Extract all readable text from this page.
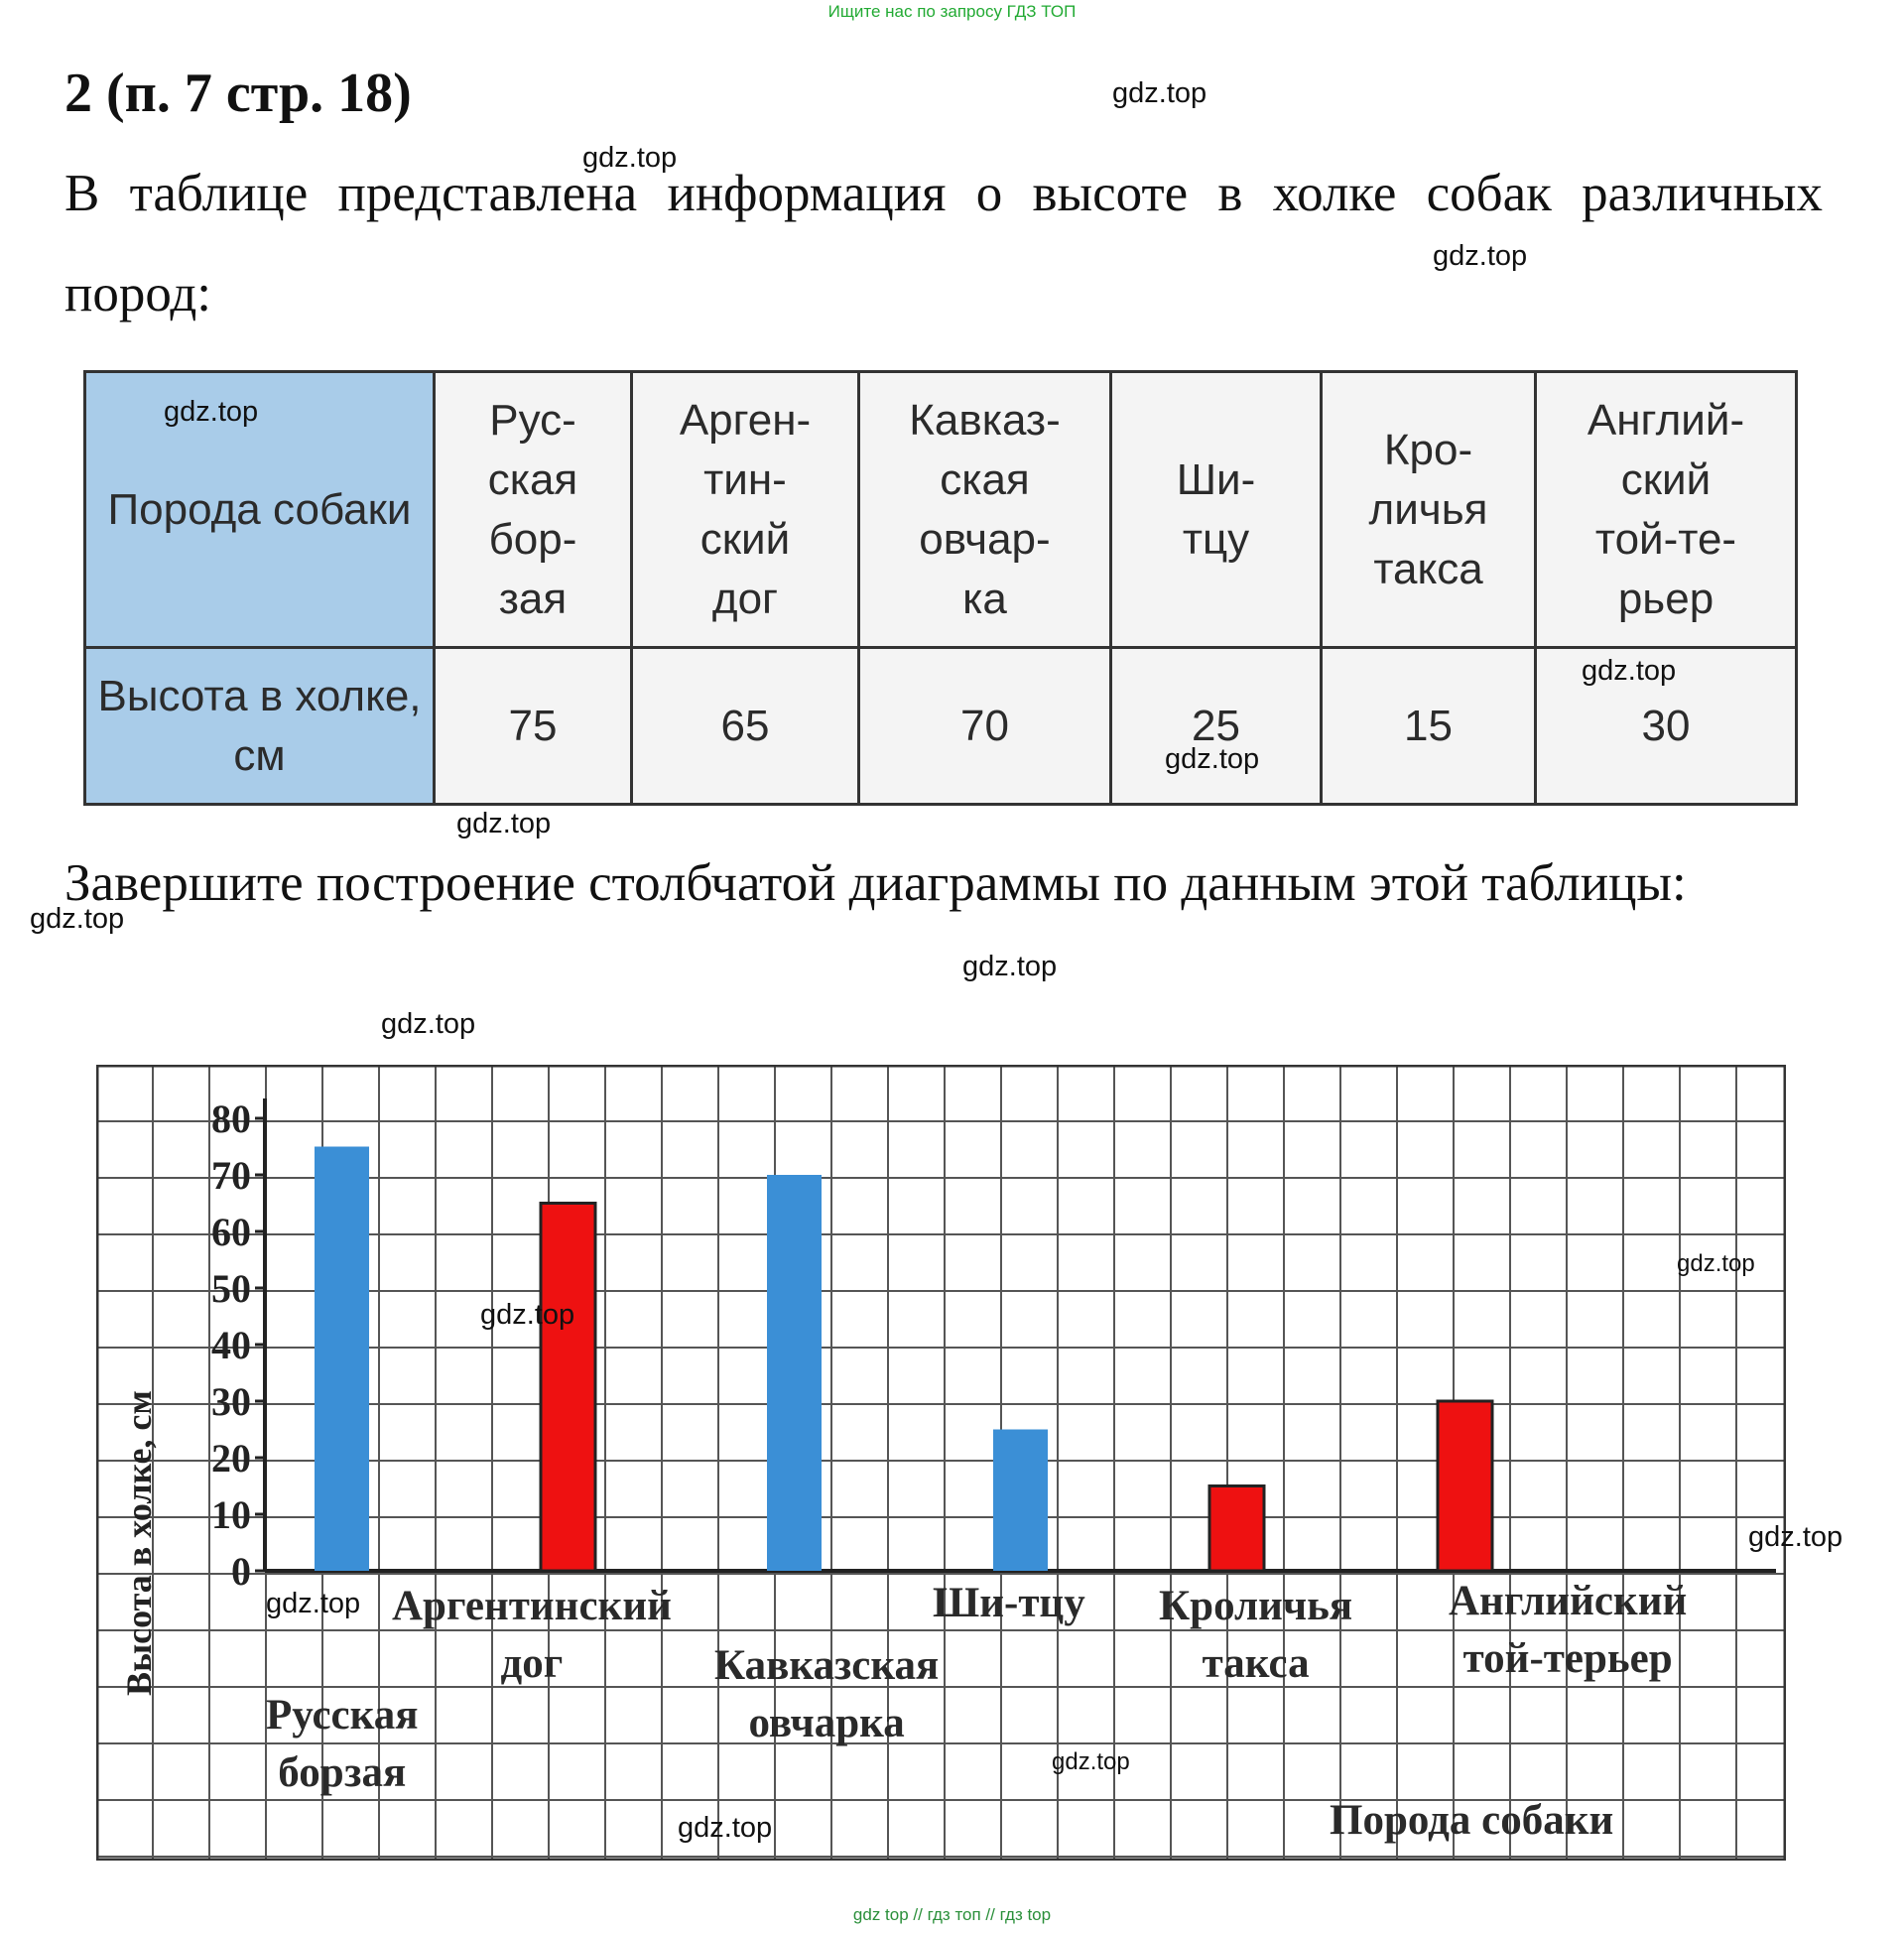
Ищите нас по запросу ГДЗ ТОП
2 (п. 7 стр. 18)
В таблице представлена информация о высоте в холке собак различных пород:
Порода собаки	Рус-
ская
бор-
зая	Арген-
тин-
ский
дог	Кавказ-
ская
овчар-
ка	Ши-
тцу	Кро-
личья
такса	Англий-
ский
той-те-
рьер
Высота в холке, см	75	65	70	25	15	30
Завершите построение столбчатой диаграммы по данным этой таблицы:
0
10
20
30
40
50
60
70
80
Высота в холке, см
Русская
борзая
Аргентинский
дог	Кавказская
овчарка
Ши-тцу Кроличья
такса
Английский
той-терьер
Порода собаки
gdz.top
gdz.top
gdz.top
gdz.top
gdz.top
gdz.top
gdz.top
gdz.top
gdz.top
gdz.top
gdz.top
gdz.top
gdz.top
gdz.top
gdz.top
gdz.top
gdz top // гдз топ // гдз top
